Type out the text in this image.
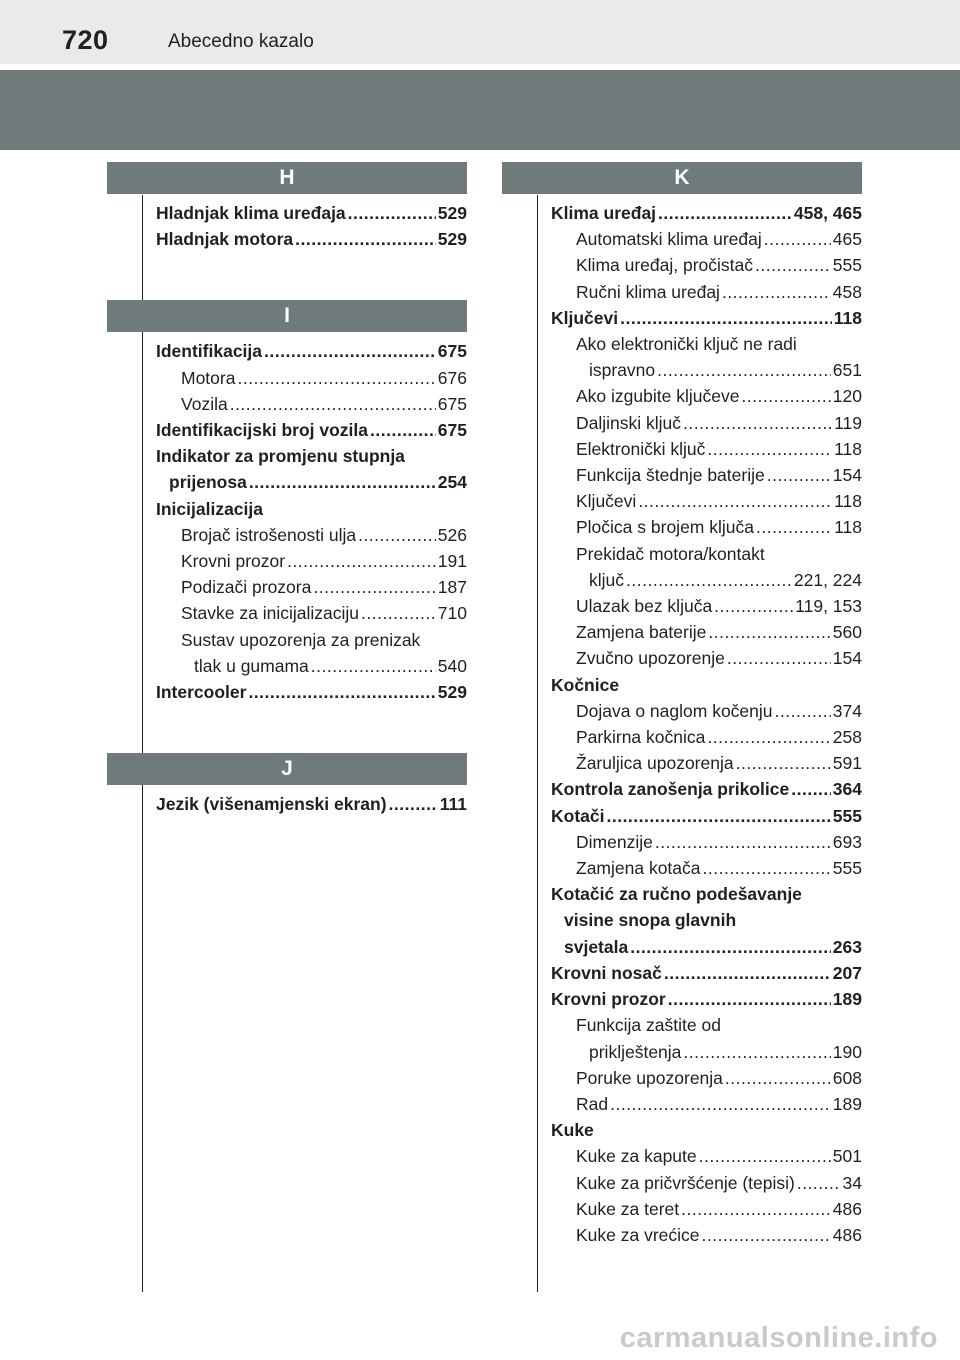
720	Abecedno kazalo
H
Hladnjak klima uređaja .....	529
Hladnjak motora .....	529
I
Identifikacija .....	675
Motora .....	676
Vozila .....	675
Identifikacijski broj vozila .....	675
Indikator za promjenu stupnja
prijenosa .....	254
Inicijalizacija
Brojač istrošenosti ulja .....	526
Krovni prozor .....	191
Podizači prozora .....	187
Stavke za inicijalizaciju .....	710
Sustav upozorenja za prenizak
tlak u gumama .....	540
Intercooler .....	529
J
Jezik (višenamjenski ekran) .....	111
K
Klima uređaj .....	458, 465
Automatski klima uređaj .....	465
Klima uređaj, pročistač .....	555
Ručni klima uređaj .....	458
Ključevi .....	118
Ako elektronički ključ ne radi
ispravno .....	651
Ako izgubite ključeve .....	120
Daljinski ključ .....	119
Elektronički ključ .....	118
Funkcija štednje baterije .....	154
Ključevi .....	118
Pločica s brojem ključa .....	118
Prekidač motora/kontakt
ključ .....	221, 224
Ulazak bez ključa .....	119, 153
Zamjena baterije .....	560
Zvučno upozorenje .....	154
Kočnice
Dojava o naglom kočenju .....	374
Parkirna kočnica .....	258
Žaruljica upozorenja .....	591
Kontrola zanošenja prikolice ..... 364
Kotači .....	555
Dimenzije .....	693
Zamjena kotača .....	555
Kotačić za ručno podešavanje
visine snopa glavnih
svjetala .....	263
Krovni nosač .....	207
Krovni prozor .....	189
Funkcija zaštite od
priklještenja .....	190
Poruke upozorenja .....	608
Rad .....	189
Kuke
Kuke za kapute .....	501
Kuke za pričvršćenje (tepisi) .....	34
Kuke za teret .....	486
Kuke za vrećice .....	486
carmanualsonline.info
